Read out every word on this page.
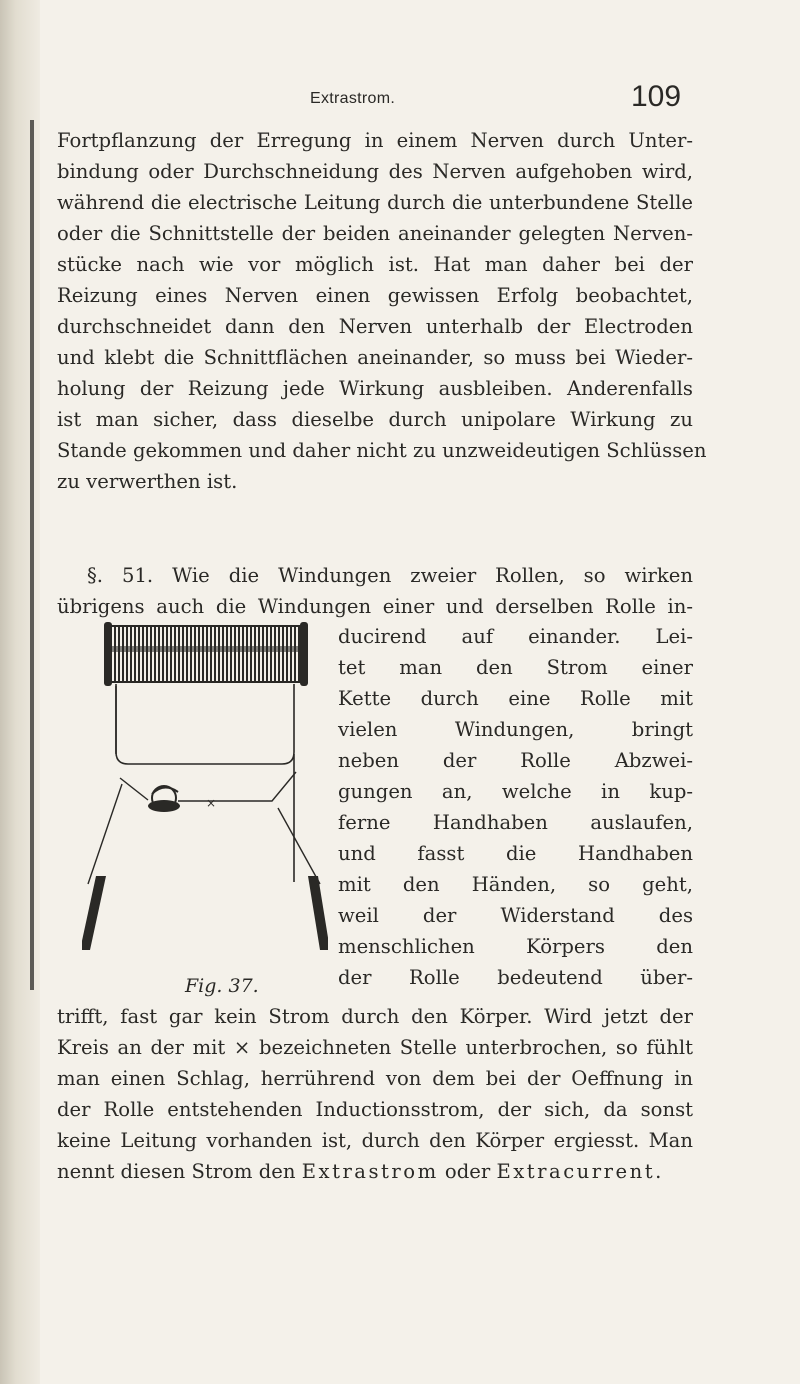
Extrastrom.	109

Fortpflanzung der Erregung in einem Nerven durch Unter-
bindung oder Durchschneidung des Nerven aufgehoben wird,
während die electrische Leitung durch die unterbundene Stelle
oder die Schnittstelle der beiden aneinander gelegten Nerven-
stücke nach wie vor möglich ist. Hat man daher bei der
Reizung eines Nerven einen gewissen Erfolg beobachtet,
durchschneidet dann den Nerven unterhalb der Electroden
und klebt die Schnittflächen aneinander, so muss bei Wieder-
holung der Reizung jede Wirkung ausbleiben. Anderenfalls
ist man sicher, dass dieselbe durch unipolare Wirkung zu
Stande gekommen und daher nicht zu unzweideutigen Schlüssen
zu verwerthen ist.

§. 51. Wie die Windungen zweier Rollen, so wirken
übrigens auch die Windungen einer und derselben Rolle in-

×
Fig. 37.

ducirend auf einander. Lei-
tet man den Strom einer
Kette durch eine Rolle mit
vielen Windungen, bringt
neben der Rolle Abzwei-
gungen an, welche in kup-
ferne Handhaben auslaufen,
und fasst die Handhaben
mit den Händen, so geht,
weil der Widerstand des
menschlichen Körpers den
der Rolle bedeutend über-

trifft, fast gar kein Strom durch den Körper. Wird jetzt der
Kreis an der mit × bezeichneten Stelle unterbrochen, so fühlt
man einen Schlag, herrührend von dem bei der Oeffnung in
der Rolle entstehenden Inductionsstrom, der sich, da sonst
keine Leitung vorhanden ist, durch den Körper ergiesst. Man
nennt diesen Strom den Extrastrom oder Extracurrent.
